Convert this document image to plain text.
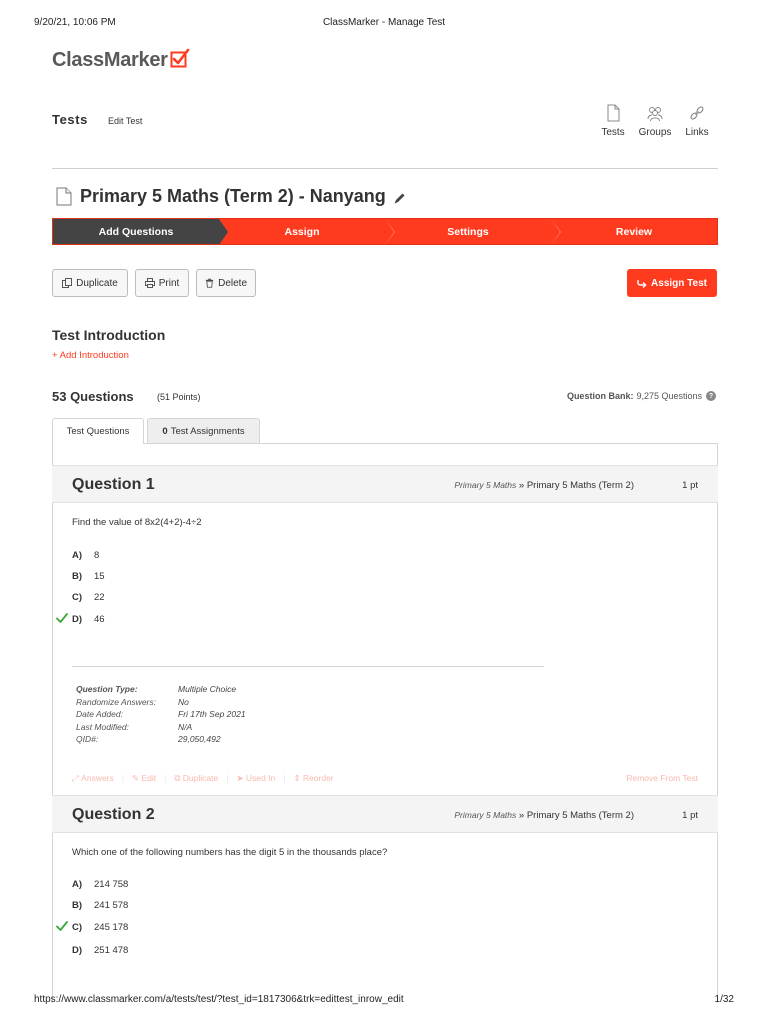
9/20/21, 10:06 PM	ClassMarker - Manage Test
ClassMarker
Tests Edit Test
Tests Groups Links
Primary 5 Maths (Term 2) - Nanyang
Add Questions	Assign	Settings	Review
Duplicate	Print	Delete	Assign Test
Test Introduction
+ Add Introduction
53 Questions	(51 Points)	Question Bank: 9,275 Questions ?
Test Questions	0 Test Assignments
Question 1	Primary 5 Maths » Primary 5 Maths (Term 2)	1 pt
Find the value of 8x2(4+2)-4÷2
A)	8
B)	15
C)	22
D)	46
Question Type:	Multiple Choice
Randomize Answers:	No
Date Added:	Fri 17th Sep 2021
Last Modified:	N/A
QID#:	29,050,492
⤢ Answers | ✎ Edit | ⧉ Duplicate | ➤ Used In | ⇕ Reorder	Remove From Test
Question 2	Primary 5 Maths » Primary 5 Maths (Term 2)	1 pt
Which one of the following numbers has the digit 5 in the thousands place?
A)	214 758
B)	241 578
C)	245 178
D)	251 478
https://www.classmarker.com/a/tests/test/?test_id=1817306&trk=edittest_inrow_edit	1/32
